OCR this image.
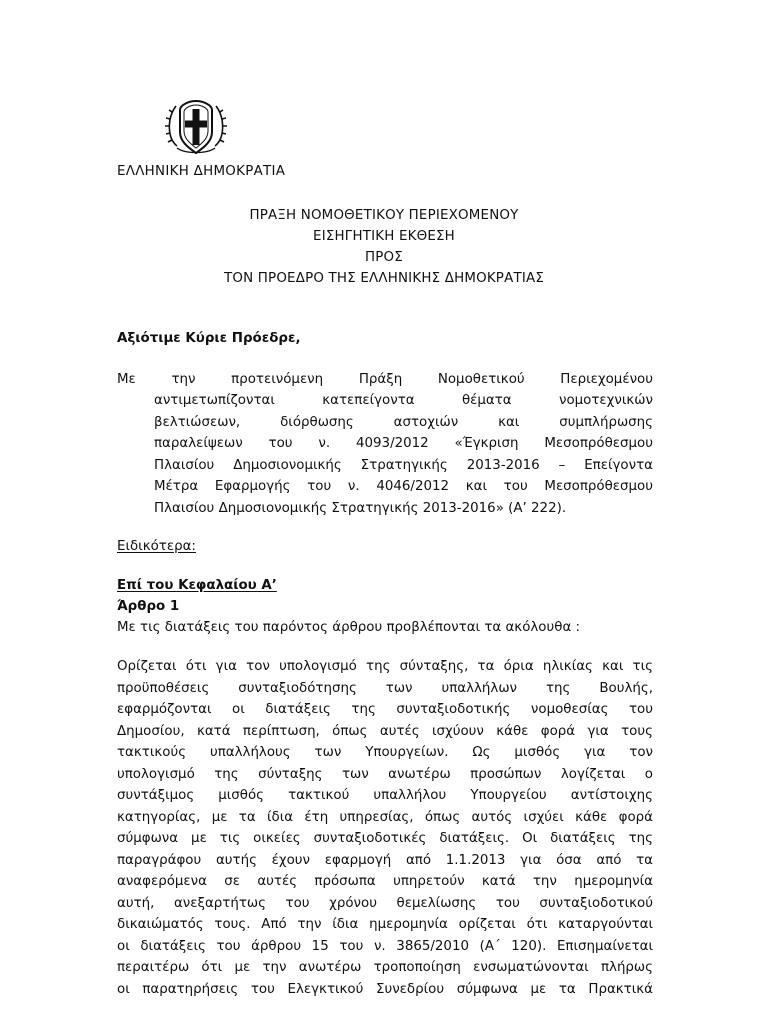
ΕΛΛΗΝΙΚΗ ΔΗΜΟΚΡΑΤΙΑ
ΠΡΑΞΗ ΝΟΜΟΘΕΤΙΚΟΥ ΠΕΡΙΕΧΟΜΕΝΟΥ
ΕΙΣΗΓΗΤΙΚΗ ΕΚΘΕΣΗ
ΠΡΟΣ
ΤΟΝ ΠΡΟΕΔΡΟ ΤΗΣ ΕΛΛΗΝΙΚΗΣ ΔΗΜΟΚΡΑΤΙΑΣ
Αξιότιμε Κύριε Πρόεδρε,
Με την προτεινόμενη Πράξη Νομοθετικού Περιεχομένου
αντιμετωπίζονται κατεπείγοντα θέματα νομοτεχνικών
βελτιώσεων, διόρθωσης αστοχιών και συμπλήρωσης
παραλείψεων του ν. 4093/2012 «Έγκριση Μεσοπρόθεσμου
Πλαισίου Δημοσιονομικής Στρατηγικής 2013-2016 – Επείγοντα
Μέτρα Εφαρμογής του ν. 4046/2012 και του Μεσοπρόθεσμου
Πλαισίου Δημοσιονομικής Στρατηγικής 2013-2016» (Α’ 222).
Ειδικότερα:
Επί του Κεφαλαίου Α’
Άρθρο 1
Με τις διατάξεις του παρόντος άρθρου προβλέπονται τα ακόλουθα :
Ορίζεται ότι για τον υπολογισμό της σύνταξης, τα όρια ηλικίας και τις
προϋποθέσεις συνταξιοδότησης των υπαλλήλων της Βουλής,
εφαρμόζονται οι διατάξεις της συνταξιοδοτικής νομοθεσίας του
Δημοσίου, κατά περίπτωση, όπως αυτές ισχύουν κάθε φορά για τους
τακτικούς υπαλλήλους των Υπουργείων. Ως μισθός για τον
υπολογισμό της σύνταξης των ανωτέρω προσώπων λογίζεται ο
συντάξιμος μισθός τακτικού υπαλλήλου Υπουργείου αντίστοιχης
κατηγορίας, με τα ίδια έτη υπηρεσίας, όπως αυτός ισχύει κάθε φορά
σύμφωνα με τις οικείες συνταξιοδοτικές διατάξεις. Οι διατάξεις της
παραγράφου αυτής έχουν εφαρμογή από 1.1.2013 για όσα από τα
αναφερόμενα σε αυτές πρόσωπα υπηρετούν κατά την ημερομηνία
αυτή, ανεξαρτήτως του χρόνου θεμελίωσης του συνταξιοδοτικού
δικαιώματός τους. Από την ίδια ημερομηνία ορίζεται ότι καταργούνται
οι διατάξεις του άρθρου 15 του ν. 3865/2010 (Α΄ 120). Επισημαίνεται
περαιτέρω ότι με την ανωτέρω τροποποίηση ενσωματώνονται πλήρως
οι παρατηρήσεις του Ελεγκτικού Συνεδρίου σύμφωνα με τα Πρακτικά
